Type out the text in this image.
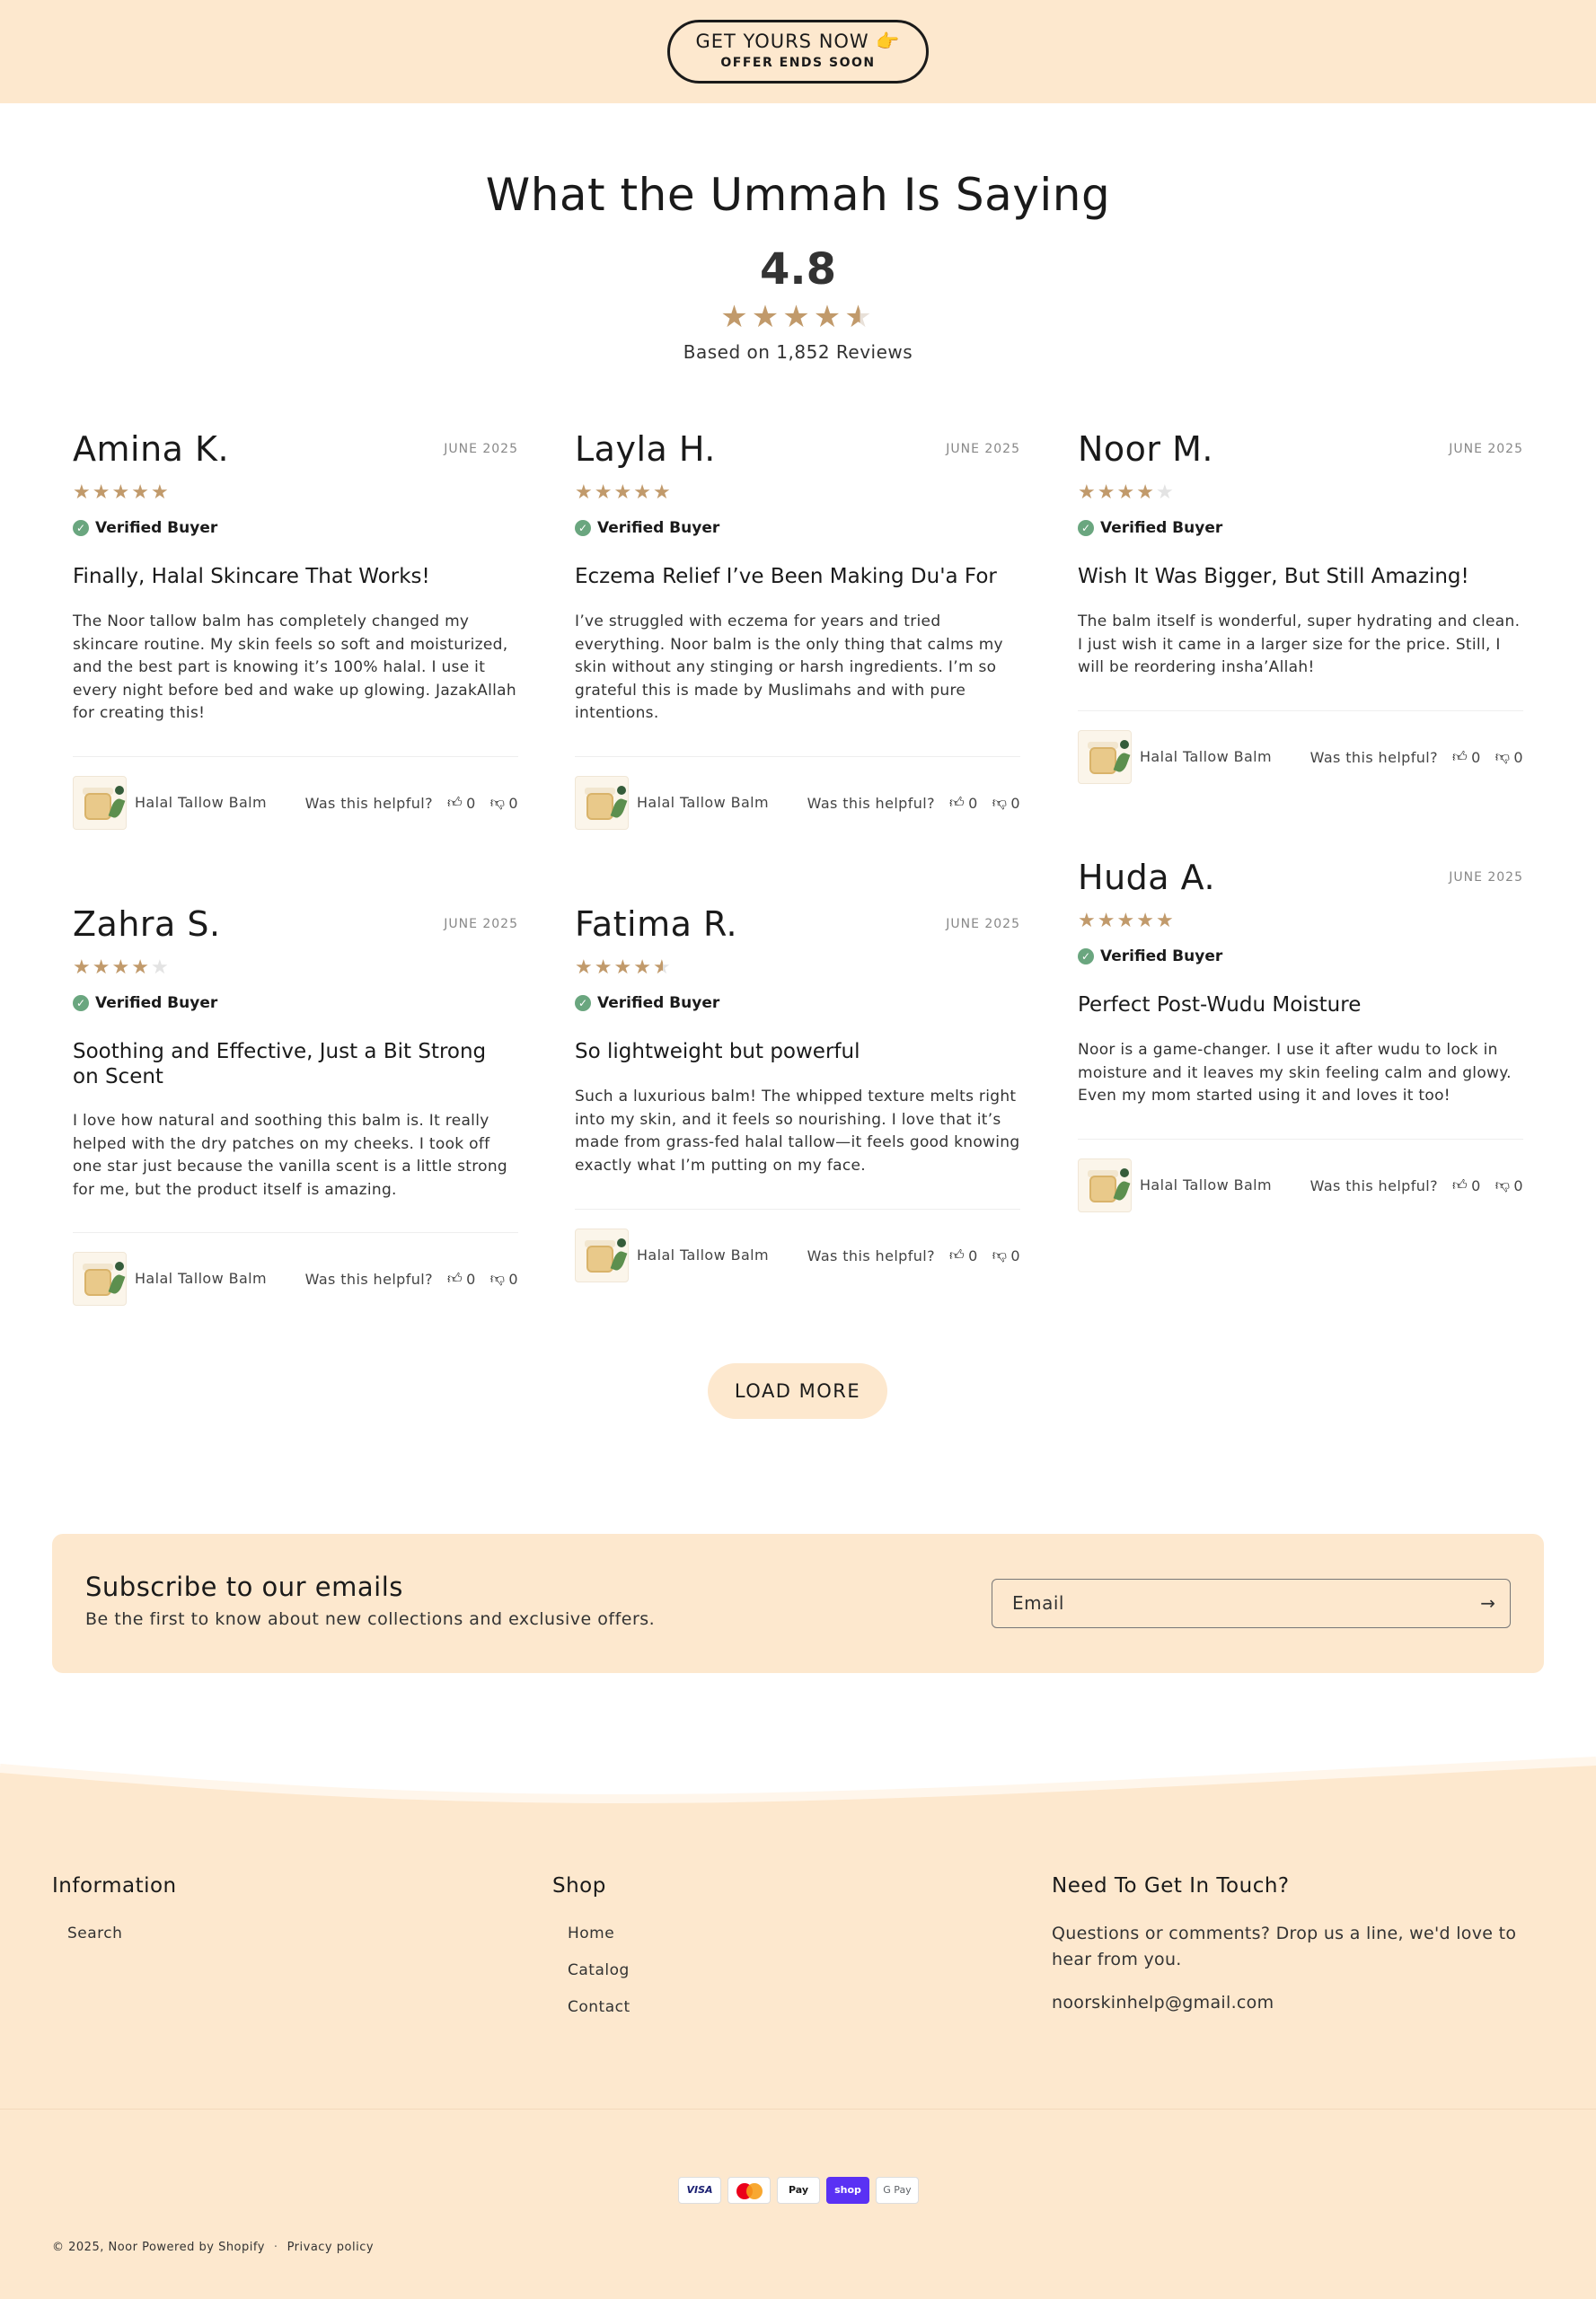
GET YOURS NOW 👉
OFFER ENDS SOON
What the Ummah Is Saying
4.8
★★★★★
Based on 1,852 Reviews
Amina K.	JUNE 2025
★★★★★
✓ Verified Buyer
Finally, Halal Skincare That Works!
The Noor tallow balm has completely changed my skincare routine. My skin feels so soft and moisturized, and the best part is knowing it’s 100% halal. I use it every night before bed and wake up glowing. JazakAllah for creating this!
Halal Tallow Balm	Was this helpful? 👍︎ 0 👎︎ 0
Layla H.	JUNE 2025
★★★★★
✓ Verified Buyer
Eczema Relief I’ve Been Making Du'a For
I’ve struggled with eczema for years and tried everything. Noor balm is the only thing that calms my skin without any stinging or harsh ingredients. I’m so grateful this is made by Muslimahs and with pure intentions.
Halal Tallow Balm	Was this helpful? 👍︎ 0 👎︎ 0
Noor M.	JUNE 2025
★★★★★
✓ Verified Buyer
Wish It Was Bigger, But Still Amazing!
The balm itself is wonderful, super hydrating and clean. I just wish it came in a larger size for the price. Still, I will be reordering insha’Allah!
Halal Tallow Balm	Was this helpful? 👍︎ 0 👎︎ 0
Zahra S.	JUNE 2025
★★★★★
✓ Verified Buyer
Soothing and Effective, Just a Bit Strong on Scent
I love how natural and soothing this balm is. It really helped with the dry patches on my cheeks. I took off one star just because the vanilla scent is a little strong for me, but the product itself is amazing.
Halal Tallow Balm	Was this helpful? 👍︎ 0 👎︎ 0
Fatima R.	JUNE 2025
★★★★★
✓ Verified Buyer
So lightweight but powerful
Such a luxurious balm! The whipped texture melts right into my skin, and it feels so nourishing. I love that it’s made from grass-fed halal tallow—it feels good knowing exactly what I’m putting on my face.
Halal Tallow Balm	Was this helpful? 👍︎ 0 👎︎ 0
Huda A.	JUNE 2025
★★★★★
✓ Verified Buyer
Perfect Post-Wudu Moisture
Noor is a game-changer. I use it after wudu to lock in moisture and it leaves my skin feeling calm and glowy. Even my mom started using it and loves it too!
Halal Tallow Balm	Was this helpful? 👍︎ 0 👎︎ 0
LOAD MORE
Subscribe to our emails
Be the first to know about new collections and exclusive offers.
Email	→
Information
Search
Shop
Home
Catalog
Contact
Need To Get In Touch?
Questions or comments? Drop us a line, we'd love to hear from you.
noorskinhelp@gmail.com
VISA	Pay	shop	G Pay
© 2025, Noor Powered by Shopify · Privacy policy
